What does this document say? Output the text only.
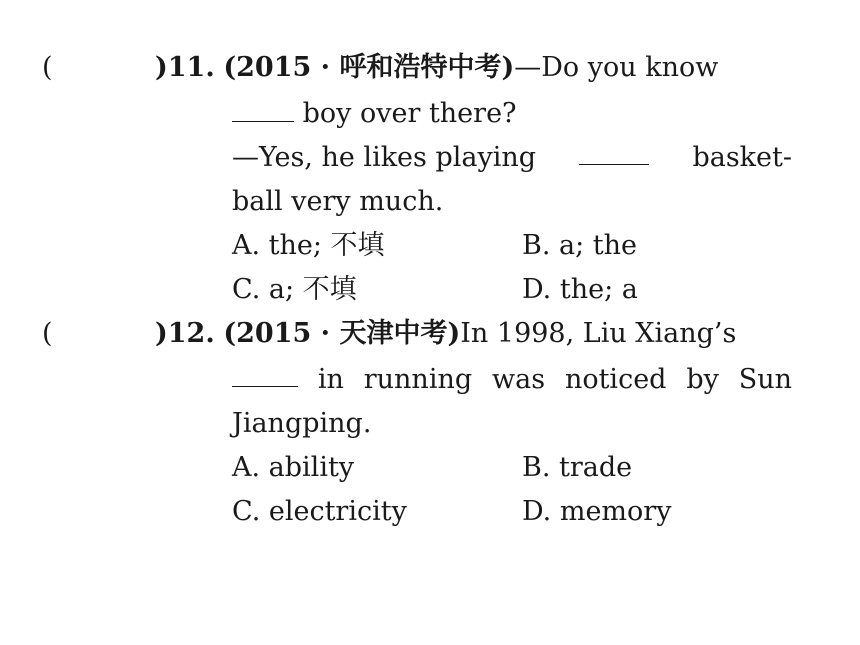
(	)11. (2015 · 呼和浩特中考)—Do you know
boy over there?
—Yes, he likes playing	basket-
ball very much.
A. the; 不填	B. a; the
C. a; 不填	D. the; a
(	)12. (2015 · 天津中考)In 1998, Liu Xiang’s
in running was noticed by Sun
Jiangping.
A. ability	B. trade
C. electricity	D. memory
